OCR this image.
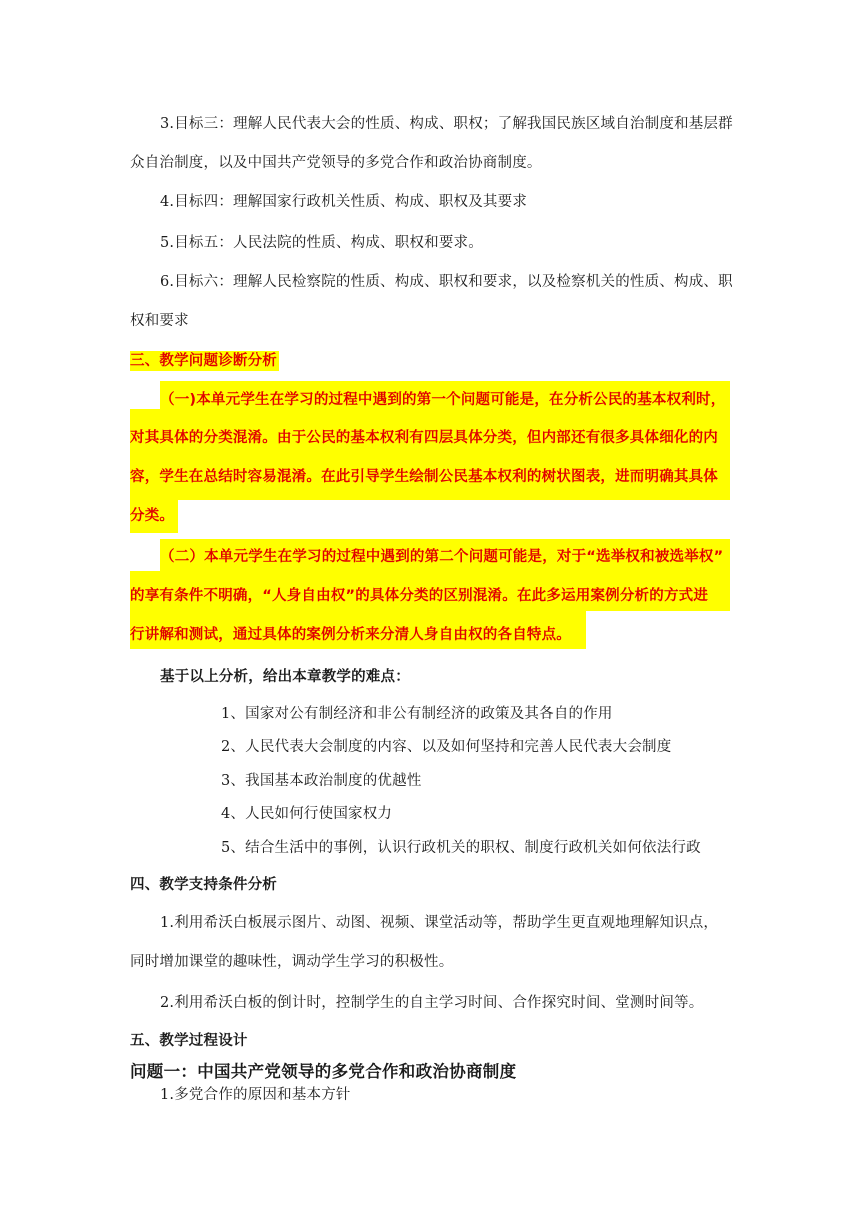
3.目标三：理解人民代表大会的性质、构成、职权；了解我国民族区域自治制度和基层群
众自治制度，以及中国共产党领导的多党合作和政治协商制度。
4.目标四：理解国家行政机关性质、构成、职权及其要求
5.目标五：人民法院的性质、构成、职权和要求。
6.目标六：理解人民检察院的性质、构成、职权和要求，以及检察机关的性质、构成、职
权和要求
三、教学问题诊断分析
（一)本单元学生在学习的过程中遇到的第一个问题可能是，在分析公民的基本权利时，
对其具体的分类混淆。由于公民的基本权利有四层具体分类，但内部还有很多具体细化的内
容，学生在总结时容易混淆。在此引导学生绘制公民基本权利的树状图表，进而明确其具体
分类。
（二）本单元学生在学习的过程中遇到的第二个问题可能是，对于“选举权和被选举权”
的享有条件不明确，“人身自由权”的具体分类的区别混淆。在此多运用案例分析的方式进
行讲解和测试，通过具体的案例分析来分清人身自由权的各自特点。
基于以上分析，给出本章教学的难点：
1、国家对公有制经济和非公有制经济的政策及其各自的作用
2、人民代表大会制度的内容、以及如何坚持和完善人民代表大会制度
3、我国基本政治制度的优越性
4、人民如何行使国家权力
5、结合生活中的事例，认识行政机关的职权、制度行政机关如何依法行政
四、教学支持条件分析
1.利用希沃白板展示图片、动图、视频、课堂活动等，帮助学生更直观地理解知识点，
同时增加课堂的趣味性，调动学生学习的积极性。
2.利用希沃白板的倒计时，控制学生的自主学习时间、合作探究时间、堂测时间等。
五、教学过程设计
问题一：中国共产党领导的多党合作和政治协商制度
1.多党合作的原因和基本方针
